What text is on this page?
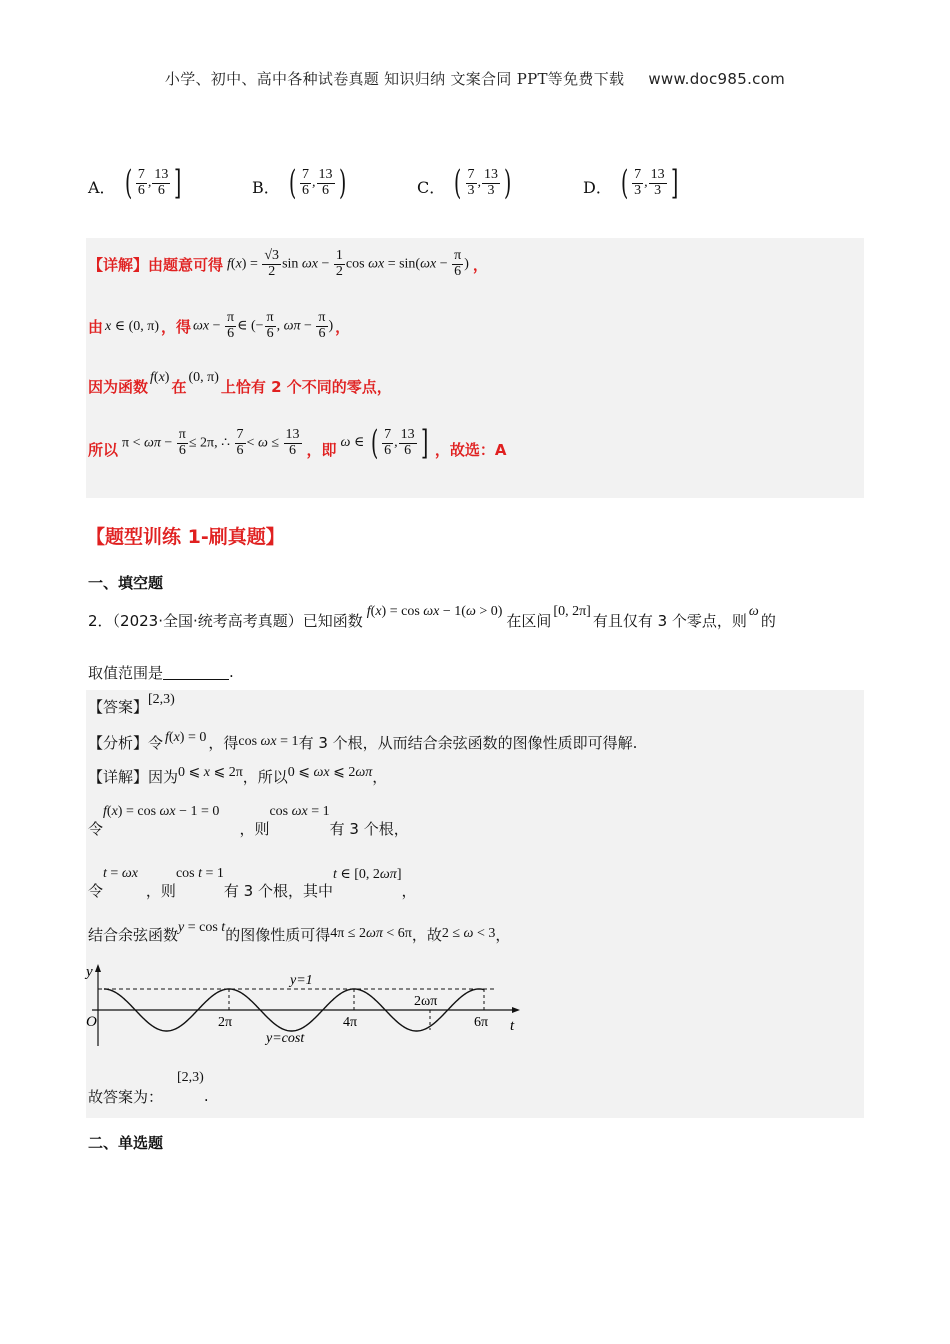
小学、初中、高中各种试卷真题 知识归纳 文案合同 PPT等免费下载 www.doc985.com
A． ( $\frac{7}{6}$ , $\frac{13}{6}$ ]	B． ( $\frac{7}{6}$ , $\frac{13}{6}$ )	C． ( $\frac{7}{3}$ , $\frac{13}{3}$ )	D． ( $\frac{7}{3}$ , $\frac{13}{3}$ ]
【详解】由题意可得 $f(x) = \frac{√3}{2}$ $\sin \omega x - \frac{1}{2}$ $\cos \omega x = \sin(\omega x - \frac{\pi}{6}$ ) ，
由 x ∈ (0, π) ，得 $\omega x - \frac{\pi}{6}$ ∈ (− $\frac{\pi}{6}$ , $\omega\pi - \frac{\pi}{6}$ ) ，
因为函数 f(x) 在 (0, π) 上恰有 2 个不同的零点，
所以 $\pi < \omega\pi - \frac{\pi}{6} \le 2\pi$, ∴ $\frac{7}{6} < \omega \le \frac{13}{6}$ ，即 ω ∈ ( $\frac{7}{6}$ , $\frac{13}{6}$ ] ，故选：A
【题型训练 1-刷真题】
一、填空题
2．（2023·全国·统考高考真题）已知函数 f(x) = cos ωx − 1(ω > 0) 在区间 [0, 2π] 有且仅有 3 个零点，则 ω 的
取值范围是	.
【答案】 [2,3)
【分析】令 f(x) = 0 ，得 cos ωx = 1 有 3 个根，从而结合余弦函数的图像性质即可得解.
【详解】因为 0 ⩽ x ⩽ 2π ，所以 0 ⩽ ωx ⩽ 2ωπ ，
令
f(x) = cos ωx − 1 = 0
，则
cos ωx = 1
有 3 个根，
令
t = ωx
，则
cos t = 1
有 3 个根，其中
t ∈ [0, 2ωπ]
，
结合余弦函数 y = cos t 的图像性质可得 4π ≤ 2ωπ < 6π ，故 2 ≤ ω < 3 ，
y
O	t
y=1
2π	4π	6π
2ωπ
y=cost
故答案为：
[2,3)
.
二、单选题
